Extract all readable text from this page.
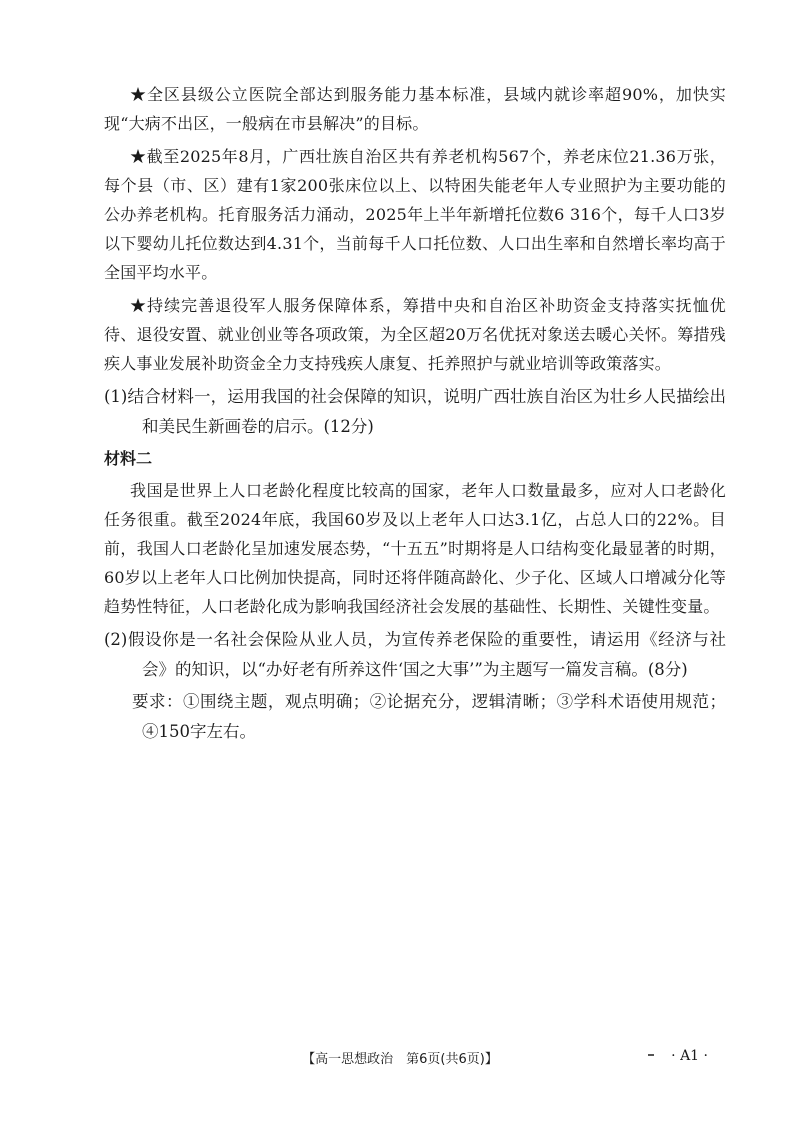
★全区县级公立医院全部达到服务能力基本标准，县域内就诊率超90%，加快实现“大病不出区，一般病在市县解决”的目标。

★截至2025年8月，广西壮族自治区共有养老机构567个，养老床位21.36万张，每个县（市、区）建有1家200张床位以上、以特困失能老年人专业照护为主要功能的公办养老机构。托育服务活力涌动，2025年上半年新增托位数6 316个，每千人口3岁以下婴幼儿托位数达到4.31个，当前每千人口托位数、人口出生率和自然增长率均高于全国平均水平。

★持续完善退役军人服务保障体系，筹措中央和自治区补助资金支持落实抚恤优待、退役安置、就业创业等各项政策，为全区超20万名优抚对象送去暖心关怀。筹措残疾人事业发展补助资金全力支持残疾人康复、托养照护与就业培训等政策落实。

(1)结合材料一，运用我国的社会保障的知识，说明广西壮族自治区为壮乡人民描绘出和美民生新画卷的启示。(12分)

材料二

我国是世界上人口老龄化程度比较高的国家，老年人口数量最多，应对人口老龄化任务很重。截至2024年底，我国60岁及以上老年人口达3.1亿，占总人口的22%。目前，我国人口老龄化呈加速发展态势，“十五五”时期将是人口结构变化最显著的时期，60岁以上老年人口比例加快提高，同时还将伴随高龄化、少子化、区域人口增减分化等趋势性特征，人口老龄化成为影响我国经济社会发展的基础性、长期性、关键性变量。

(2)假设你是一名社会保险从业人员，为宣传养老保险的重要性，请运用《经济与社会》的知识，以“办好老有所养这件‘国之大事’”为主题写一篇发言稿。(8分)

要求：①围绕主题，观点明确；②论据充分，逻辑清晰；③学科术语使用规范；④150字左右。

【高一思想政治　第6页(共6页)】	· A1 ·
